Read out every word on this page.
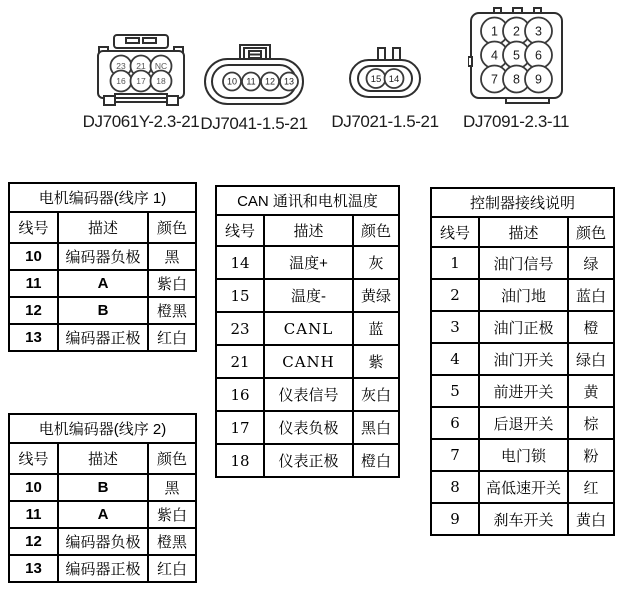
23 21 NC
16 17 18
DJ7061Y-2.3-21
10 11 12 13
DJ7041-1.5-21
15 14
DJ7021-1.5-21
1 2 3
4 5 6
7 8 9
DJ7091-2.3-11
电机编码器(线序 1)		
线号	描述	颜色
10	编码器负极	黑
11	A	紫白
12	B	橙黑
13	编码器正极	红白
电机编码器(线序 2)		
线号	描述	颜色
10	B	黑
11	A	紫白
12	编码器负极	橙黑
13	编码器正极	红白
CAN 通讯和电机温度		
线号	描述	颜色
14	温度+	灰
15	温度-	黄绿
23	CANL	蓝
21	CANH	紫
16	仪表信号	灰白
17	仪表负极	黑白
18	仪表正极	橙白
控制器接线说明		
线号	描述	颜色
1	油门信号	绿
2	油门地	蓝白
3	油门正极	橙
4	油门开关	绿白
5	前进开关	黄
6	后退开关	棕
7	电门锁	粉
8	高低速开关	红
9	刹车开关	黄白
